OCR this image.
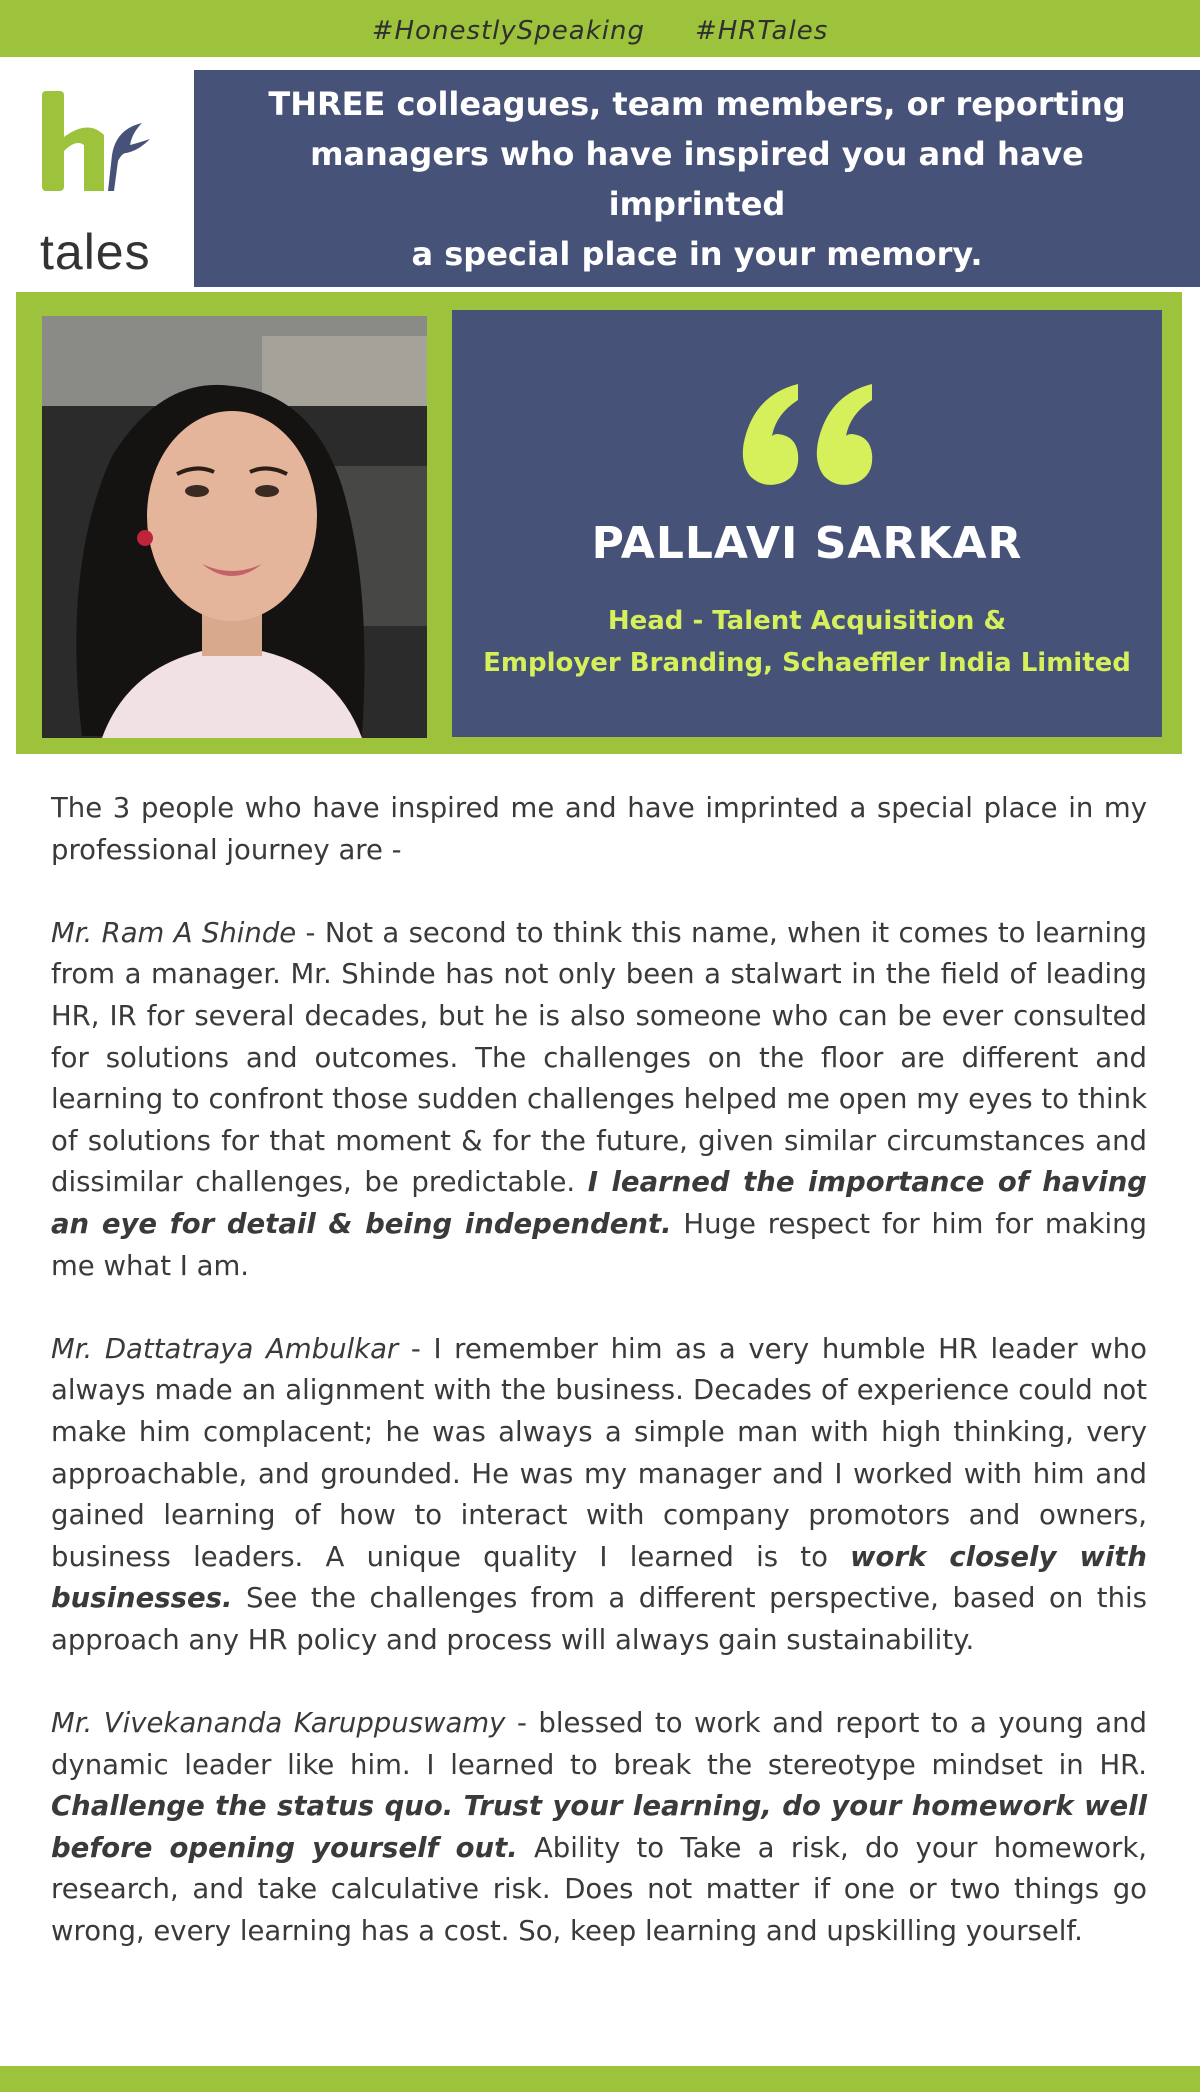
#HonestlySpeaking #HRTales
tales
THREE colleagues, team members, or reporting
managers who have inspired you and have imprinted
a special place in your memory.
PALLAVI SARKAR
Head - Talent Acquisition &
Employer Branding, Schaeffler India Limited

The 3 people who have inspired me and have imprinted a special place in my professional journey are -

Mr. Ram A Shinde - Not a second to think this name, when it comes to learning from a manager. Mr. Shinde has not only been a stalwart in the field of leading HR, IR for several decades, but he is also someone who can be ever consulted for solutions and outcomes. The challenges on the floor are different and learning to confront those sudden challenges helped me open my eyes to think of solutions for that moment & for the future, given similar circumstances and dissimilar challenges, be predictable. I learned the importance of having an eye for detail & being independent. Huge respect for him for making me what I am.

Mr. Dattatraya Ambulkar - I remember him as a very humble HR leader who always made an alignment with the business. Decades of experience could not make him complacent; he was always a simple man with high thinking, very approachable, and grounded. He was my manager and I worked with him and gained learning of how to interact with company promotors and owners, business leaders. A unique quality I learned is to work closely with businesses. See the challenges from a different perspective, based on this approach any HR policy and process will always gain sustainability.

Mr. Vivekananda Karuppuswamy - blessed to work and report to a young and dynamic leader like him. I learned to break the stereotype mindset in HR. Challenge the status quo. Trust your learning, do your homework well before opening yourself out. Ability to Take a risk, do your homework, research, and take calculative risk. Does not matter if one or two things go wrong, every learning has a cost. So, keep learning and upskilling yourself.
